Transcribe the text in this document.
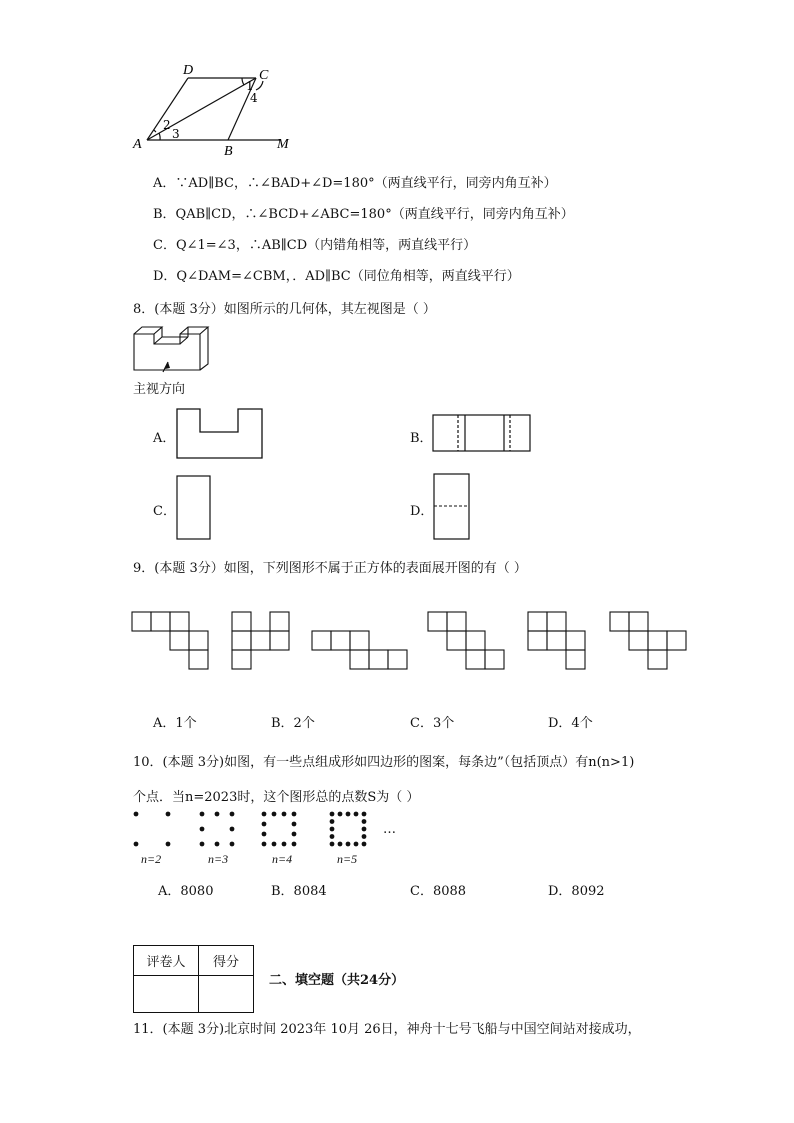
D	C
A	B	M
1
4
2
3
A．∵AD∥BC，∴∠BAD+∠D=180°（两直线平行，同旁内角互补）
B．QAB∥CD，∴∠BCD+∠ABC=180°（两直线平行，同旁内角互补）
C．Q∠1=∠3，∴AB∥CD（内错角相等，两直线平行）
D．Q∠DAM=∠CBM，．AD∥BC（同位角相等，两直线平行）
8．(本题 3分）如图所示的几何体，其左视图是（ ）
主视方向
A．	B．
C．	D．
9．(本题 3分）如图，下列图形不属于正方体的表面展开图的有（ ）
A．1个	B．2个	C．3个	D．4个
10．(本题 3分)如图，有一些点组成形如四边形的图案，每条边”（包括顶点）有n(n>1)
个点．当n=2023时，这个图形总的点数S为（ ）
…
n=2	n=3	n=4	n=5
A．8080	B．8084	C．8088	D．8092
评卷人	得分

二、填空题（共24分）
11．(本题 3分)北京时间 2023年 10月 26日，神舟十七号飞船与中国空间站对接成功，
